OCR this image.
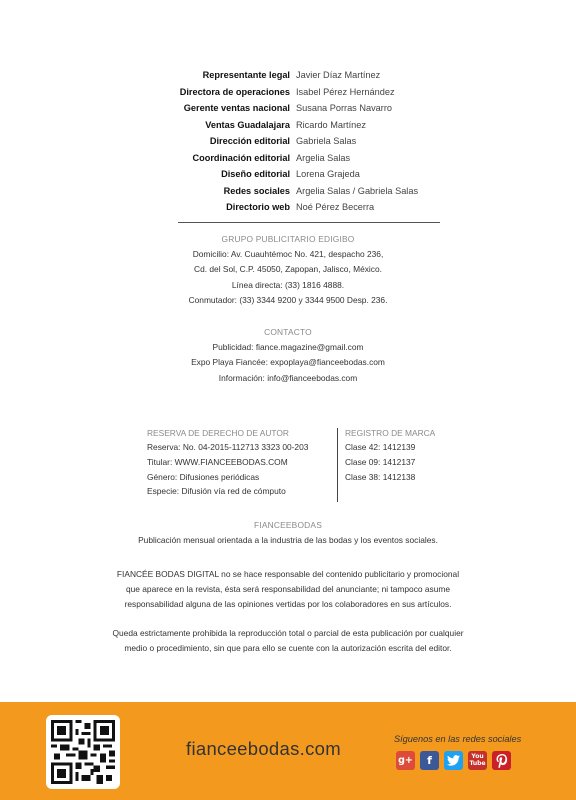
Representante legal Javier Díaz Martínez
Directora de operaciones Isabel Pérez Hernández
Gerente ventas nacional Susana Porras Navarro
Ventas Guadalajara Ricardo Martínez
Dirección editorial Gabriela Salas
Coordinación editorial Argelia Salas
Diseño editorial Lorena Grajeda
Redes sociales Argelia Salas / Gabriela Salas
Directorio web Noé Pérez Becerra
GRUPO PUBLICITARIO EDIGIBO
Domicilio: Av. Cuauhtémoc No. 421, despacho 236,
Cd. del Sol, C.P. 45050, Zapopan, Jalisco, México.
Línea directa: (33) 1816 4888.
Conmutador: (33) 3344 9200 y 3344 9500 Desp. 236.
CONTACTO
Publicidad: fiance.magazine@gmail.com
Expo Playa Fiancée: expoplaya@fianceebodas.com
Información: info@fianceebodas.com
RESERVA DE DERECHO DE AUTOR
Reserva: No. 04-2015-112713 3323 00-203
Titular: WWW.FIANCEEBODAS.COM
Género: Difusiones periódicas
Especie: Difusión vía red de cómputo
REGISTRO DE MARCA
Clase 42: 1412139
Clase 09: 1412137
Clase 38: 1412138
FIANCEEBODAS
Publicación mensual orientada a la industria de las bodas y los eventos sociales.
FIANCÉE BODAS DIGITAL no se hace responsable del contenido publicitario y promocional que aparece en la revista, ésta será responsabilidad del anunciante; ni tampoco asume responsabilidad alguna de las opiniones vertidas por los colaboradores en sus artículos.
Queda estrictamente prohibida la reproducción total o parcial de esta publicación por cualquier medio o procedimiento, sin que para ello se cuente con la autorización escrita del editor.
fianceebodas.com	Síguenos en las redes sociales
g+	f	You
Tube
